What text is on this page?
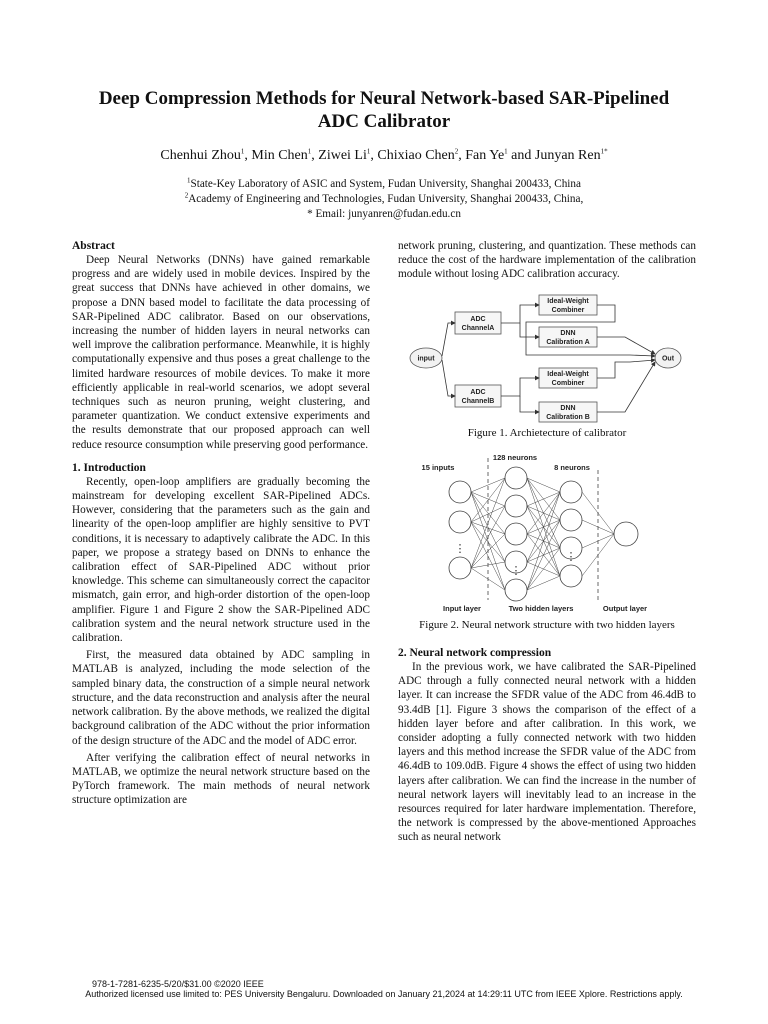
Deep Compression Methods for Neural Network-based SAR-Pipelined
ADC Calibrator
Chenhui Zhou$^1$, Min Chen$^1$, Ziwei Li$^1$, Chixiao Chen$^2$, Fan Ye$^1$ and Junyan Ren$^{1*}$
$^1$State-Key Laboratory of ASIC and System, Fudan University, Shanghai 200433, China
$^2$Academy of Engineering and Technologies, Fudan University, Shanghai 200433, China,
* Email: junyanren@fudan.edu.cn
Abstract

Deep Neural Networks (DNNs) have gained remarkable progress and are widely used in mobile devices. Inspired by the great success that DNNs have achieved in other domains, we propose a DNN based model to facilitate the data processing of SAR-Pipelined ADC calibrator. Based on our observations, increasing the number of hidden layers in neural networks can well improve the calibration performance. Meanwhile, it is highly computationally expensive and thus poses a great challenge to the limited hardware resources of mobile devices. To make it more efficiently applicable in real-world scenarios, we adopt several techniques such as neuron pruning, weight clustering, and parameter quantization. We conduct extensive experiments and the results demonstrate that our proposed approach can well reduce resource consumption while preserving good performance.

1. Introduction

Recently, open-loop amplifiers are gradually becoming the mainstream for developing excellent SAR-Pipelined ADCs. However, considering that the parameters such as the gain and linearity of the open-loop amplifier are highly sensitive to PVT conditions, it is necessary to adaptively calibrate the ADC. In this paper, we propose a strategy based on DNNs to enhance the calibration effect of SAR-Pipelined ADC without prior knowledge. This scheme can simultaneously correct the capacitor mismatch, gain error, and high-order distortion of the open-loop amplifier. Figure 1 and Figure 2 show the SAR-Pipelined ADC calibration system and the neural network structure used in the calibration.

First, the measured data obtained by ADC sampling in MATLAB is analyzed, including the mode selection of the sampled binary data, the construction of a simple neural network structure, and the data reconstruction and analysis after the neural network calibration. By the above methods, we realized the digital background calibration of the ADC without the prior information of the design structure of the ADC and the model of ADC error.

After verifying the calibration effect of neural networks in MATLAB, we optimize the neural network structure based on the PyTorch framework. The main methods of neural network structure optimization are

network pruning, clustering, and quantization. These methods can reduce the cost of the hardware implementation of the calibration module without losing ADC calibration accuracy.

input	Out
ADC
ChannelA
ADC
ChannelB
Ideal-Weight
Combiner
DNN
Calibration A
Ideal-Weight
Combiner
DNN
Calibration B
Figure 1. Archietecture of calibrator
15 inputs
128 neurons
8 neurons
Input layer	Two hidden layers	Output layer
⋮
⋮
⋮
Figure 2. Neural network structure with two hidden layers
2. Neural network compression

In the previous work, we have calibrated the SAR-Pipelined ADC through a fully connected neural network with a hidden layer. It can increase the SFDR value of the ADC from 46.4dB to 93.4dB [1]. Figure 3 shows the comparison of the effect of a hidden layer before and after calibration. In this work, we consider adopting a fully connected network with two hidden layers and this method increase the SFDR value of the ADC from 46.4dB to 109.0dB. Figure 4 shows the effect of using two hidden layers after calibration. We can find the increase in the number of neural network layers will inevitably lead to an increase in the resources required for later hardware implementation. Therefore, the network is compressed by the above-mentioned Approaches such as neural network

978-1-7281-6235-5/20/$31.00 ©2020 IEEE
Authorized licensed use limited to: PES University Bengaluru. Downloaded on January 21,2024 at 14:29:11 UTC from IEEE Xplore. Restrictions apply.
